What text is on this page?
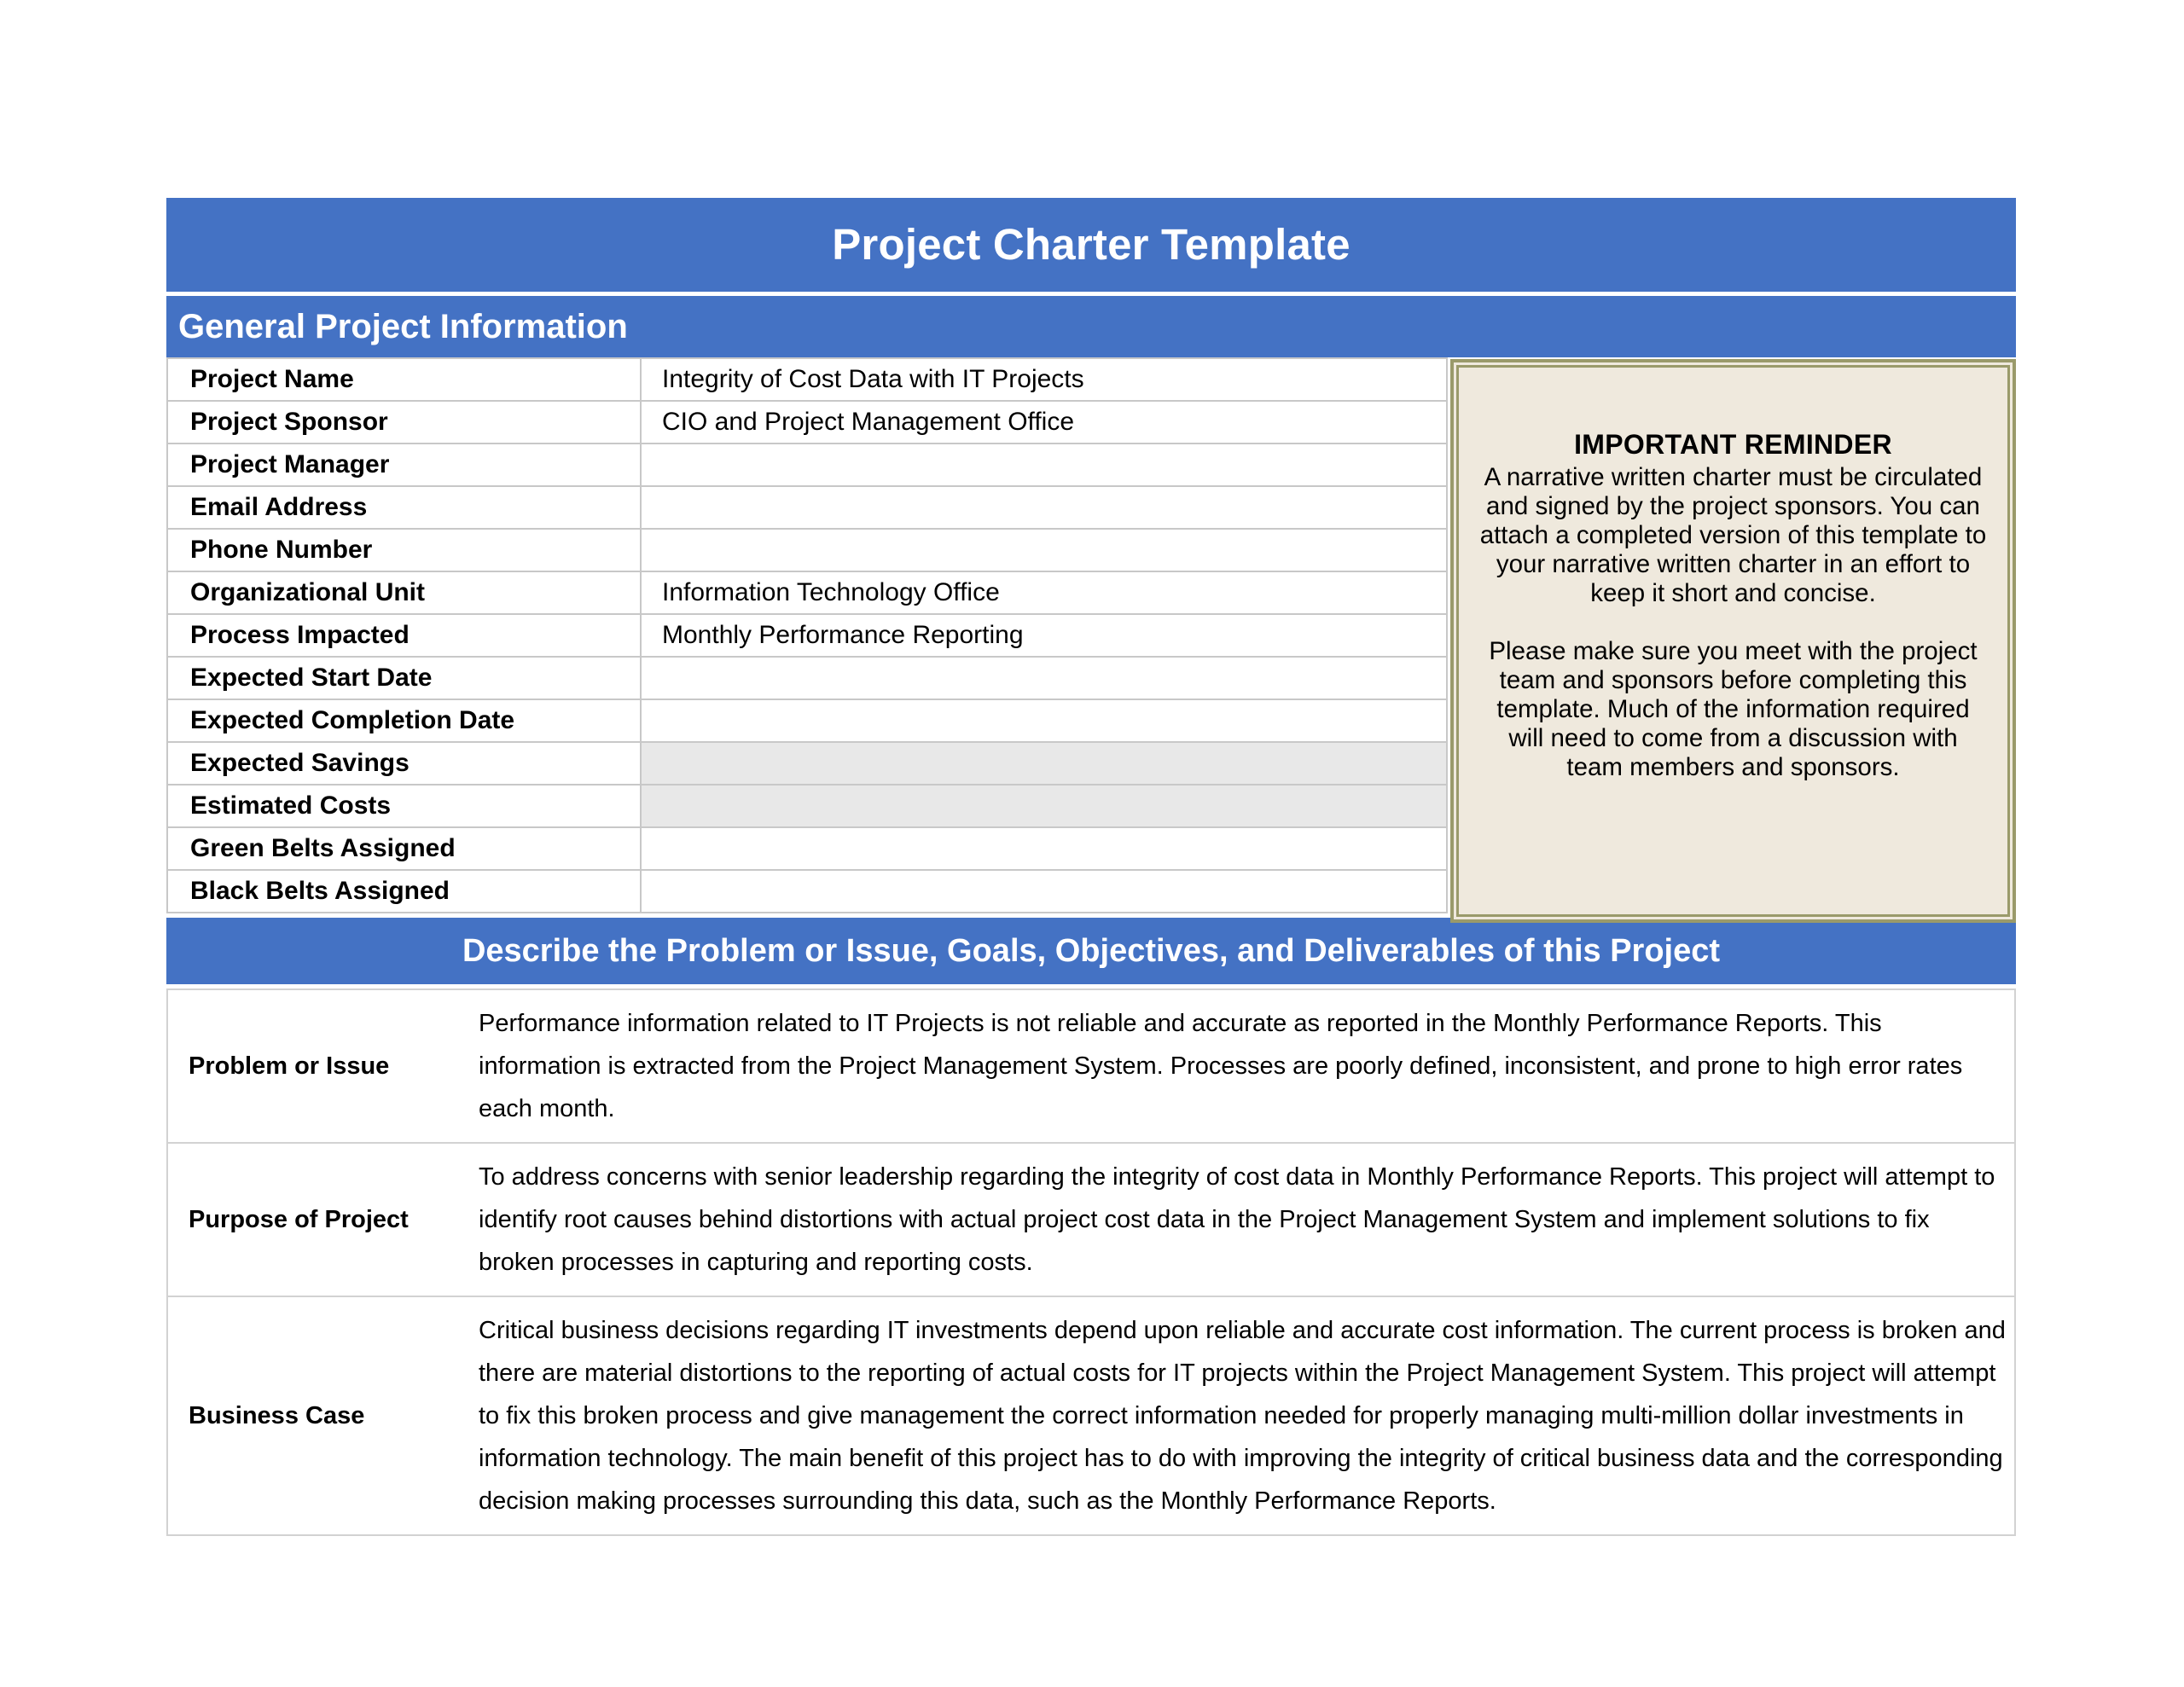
Project Charter Template
General Project Information
Project Name	Integrity of Cost Data with IT Projects
Project Sponsor	CIO and Project Management Office
Project Manager	
Email Address	
Phone Number	
Organizational Unit	Information Technology Office
Process Impacted	Monthly Performance Reporting
Expected Start Date	
Expected Completion Date	
Expected Savings	
Estimated Costs	
Green Belts Assigned	
Black Belts Assigned	
IMPORTANT REMINDER
A narrative written charter must be circulated and signed by the project sponsors. You can attach a completed version of this template to your narrative written charter in an effort to keep it short and concise.
Please make sure you meet with the project team and sponsors before completing this template. Much of the information required will need to come from a discussion with team members and sponsors.
Describe the Problem or Issue, Goals, Objectives, and Deliverables of this Project
Problem or Issue	Performance information related to IT Projects is not reliable and accurate as reported in the Monthly Performance Reports. This information is extracted from the Project Management System. Processes are poorly defined, inconsistent, and prone to high error rates each month.
Purpose of Project	To address concerns with senior leadership regarding the integrity of cost data in Monthly Performance Reports. This project will attempt to identify root causes behind distortions with actual project cost data in the Project Management System and implement solutions to fix broken processes in capturing and reporting costs.
Business Case	Critical business decisions regarding IT investments depend upon reliable and accurate cost information. The current process is broken and there are material distortions to the reporting of actual costs for IT projects within the Project Management System. This project will attempt to fix this broken process and give management the correct information needed for properly managing multi-million dollar investments in information technology. The main benefit of this project has to do with improving the integrity of critical business data and the corresponding decision making processes surrounding this data, such as the Monthly Performance Reports.
